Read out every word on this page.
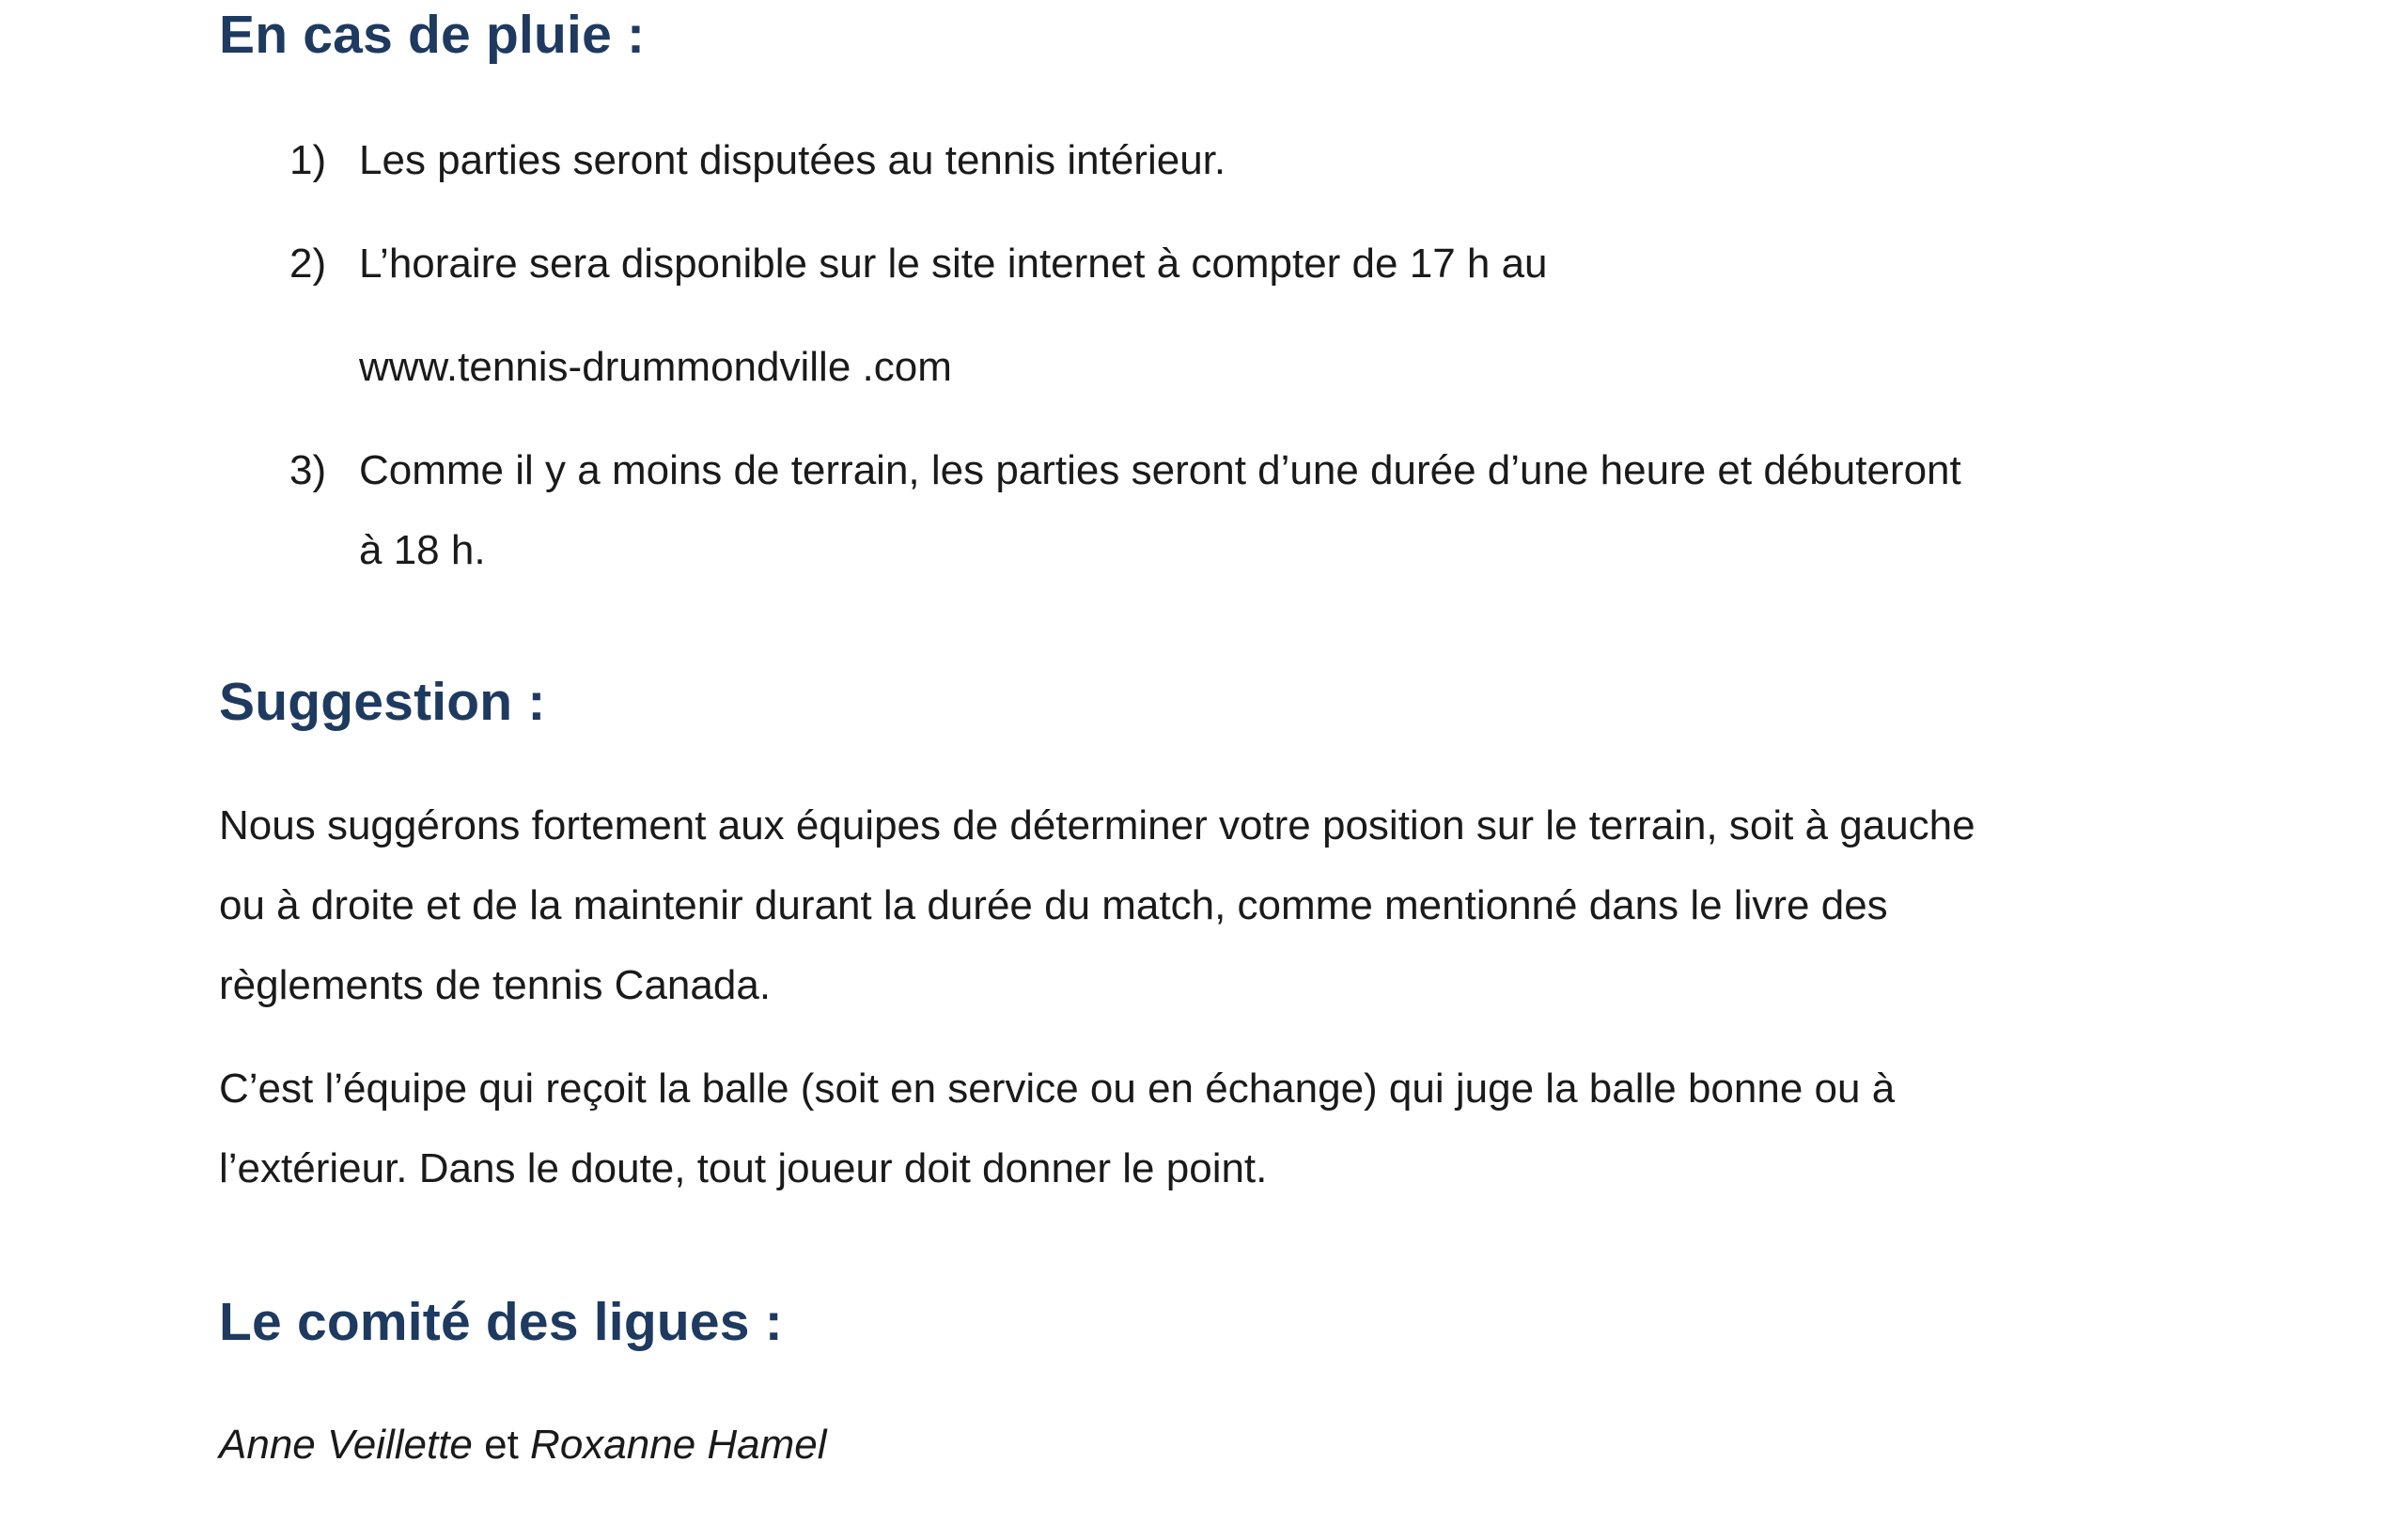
En cas de pluie :
1) Les parties seront disputées au tennis intérieur.
2) L’horaire sera disponible sur le site internet à compter de 17 h au
www.tennis-drummondville .com
3) Comme il y a moins de terrain, les parties seront d’une durée d’une heure et débuteront
à 18 h.
Suggestion :

Nous suggérons fortement aux équipes de déterminer votre position sur le terrain, soit à gauche

ou à droite et de la maintenir durant la durée du match, comme mentionné dans le livre des

règlements de tennis Canada.

C’est l’équipe qui reçoit la balle (soit en service ou en échange) qui juge la balle bonne ou à

l’extérieur. Dans le doute, tout joueur doit donner le point.

Le comité des ligues :
Anne Veillette et Roxanne Hamel
